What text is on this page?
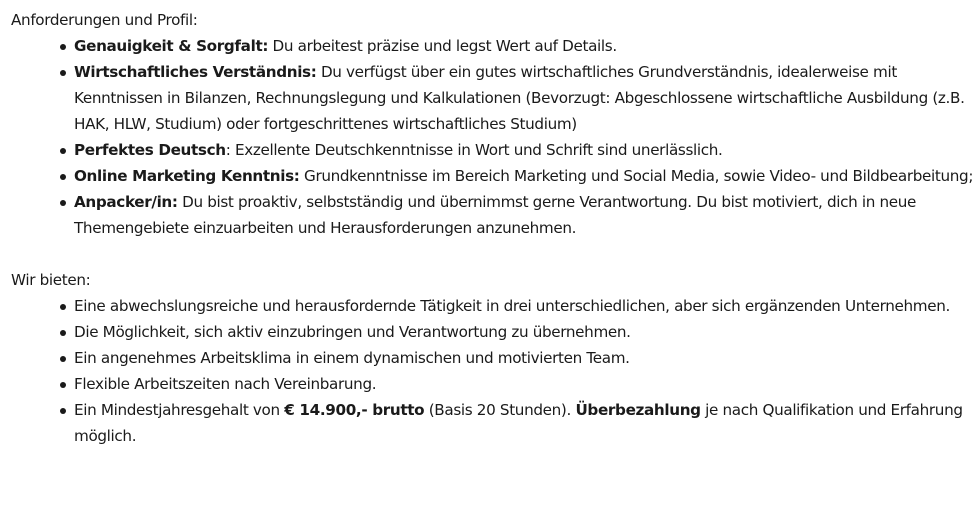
Anforderungen und Profil:

Genauigkeit & Sorgfalt: Du arbeitest präzise und legst Wert auf Details.
Wirtschaftliches Verständnis: Du verfügst über ein gutes wirtschaftliches Grundverständnis, idealerweise mit Kenntnissen in Bilanzen, Rechnungslegung und Kalkulationen (Bevorzugt: Abgeschlossene wirtschaftliche Ausbildung (z.B. HAK, HLW, Studium) oder fortgeschrittenes wirtschaftliches Studium)
Perfektes Deutsch: Exzellente Deutschkenntnisse in Wort und Schrift sind unerlässlich.
Online Marketing Kenntnis: Grundkenntnisse im Bereich Marketing und Social Media, sowie Video- und Bildbearbeitung;
Anpacker/in: Du bist proaktiv, selbstständig und übernimmst gerne Verantwortung. Du bist motiviert, dich in neue Themengebiete einzuarbeiten und Herausforderungen anzunehmen.

Wir bieten:

Eine abwechslungsreiche und herausfordernde Tätigkeit in drei unterschiedlichen, aber sich ergänzenden Unternehmen.
Die Möglichkeit, sich aktiv einzubringen und Verantwortung zu übernehmen.
Ein angenehmes Arbeitsklima in einem dynamischen und motivierten Team.
Flexible Arbeitszeiten nach Vereinbarung.
Ein Mindestjahresgehalt von € 14.900,- brutto (Basis 20 Stunden). Überbezahlung je nach Qualifikation und Erfahrung möglich.
